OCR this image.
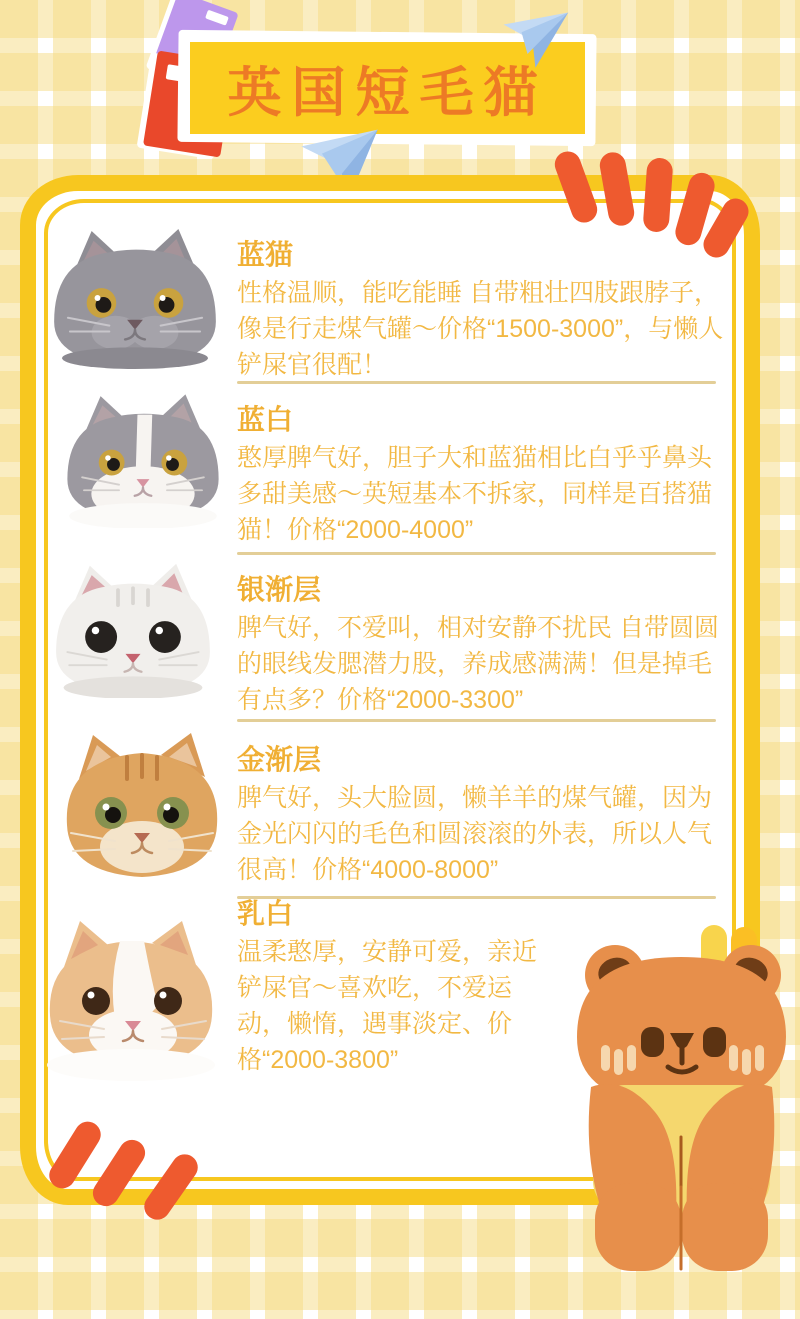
英国短毛猫
蓝猫

性格温顺，能吃能睡 自带粗壮四肢跟脖子，像是行走煤气罐～价格“1500-3000”，与懒人铲屎官很配！

蓝白

憨厚脾气好，胆子大和蓝猫相比白乎乎鼻头多甜美感～英短基本不拆家，同样是百搭猫猫！价格“2000-4000”

银渐层

脾气好，不爱叫，相对安静不扰民 自带圆圆的眼线发腮潜力股，养成感满满！但是掉毛有点多？价格“2000-3300”

金渐层

脾气好，头大脸圆，懒羊羊的煤气罐，因为金光闪闪的毛色和圆滚滚的外表，所以人气很高！价格“4000-8000”

乳白

温柔憨厚，安静可爱，亲近铲屎官～喜欢吃，不爱运动，懒惰，遇事淡定、价格“2000-3800”
